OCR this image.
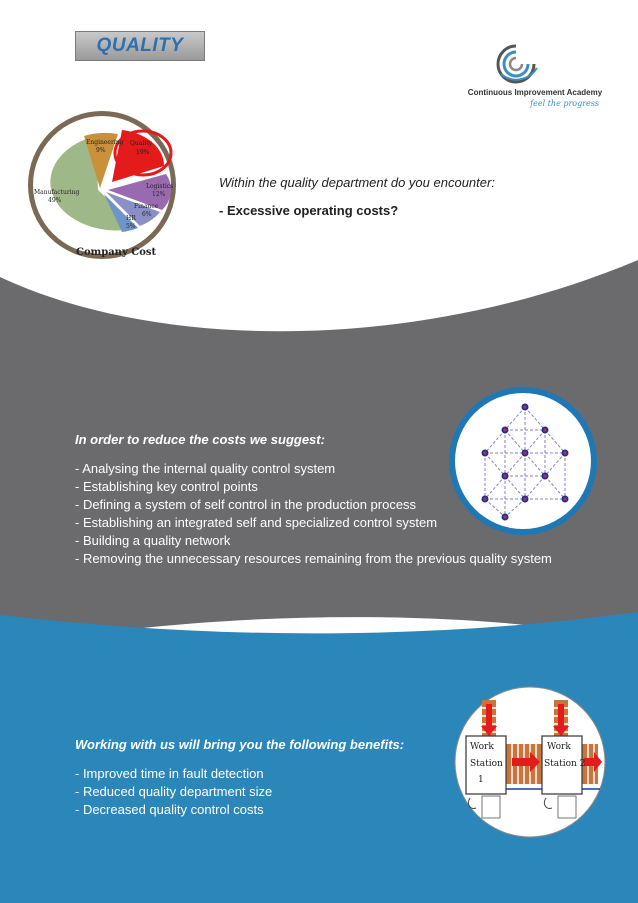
QUALITY
Continuous Improvement Academy
feel the progress
Manufacturing
49%
Engineering
9%
Quality
19%
Logistics
12%
Finance
6%
HR
5%
Company Cost
Within the quality department do you encounter:
- Excessive operating costs?
In order to reduce the costs we suggest:
- Analysing the internal quality control system
- Establishing key control points
- Defining a system of self control in the production process
- Establishing an integrated self and specialized control system
- Building a quality network
- Removing the unnecessary resources remaining from the previous quality system
Working with us will bring you the following benefits:
- Improved time in fault detection
- Reduced quality department size
- Decreased quality control costs
Work
Station
1
Work
Station 2
